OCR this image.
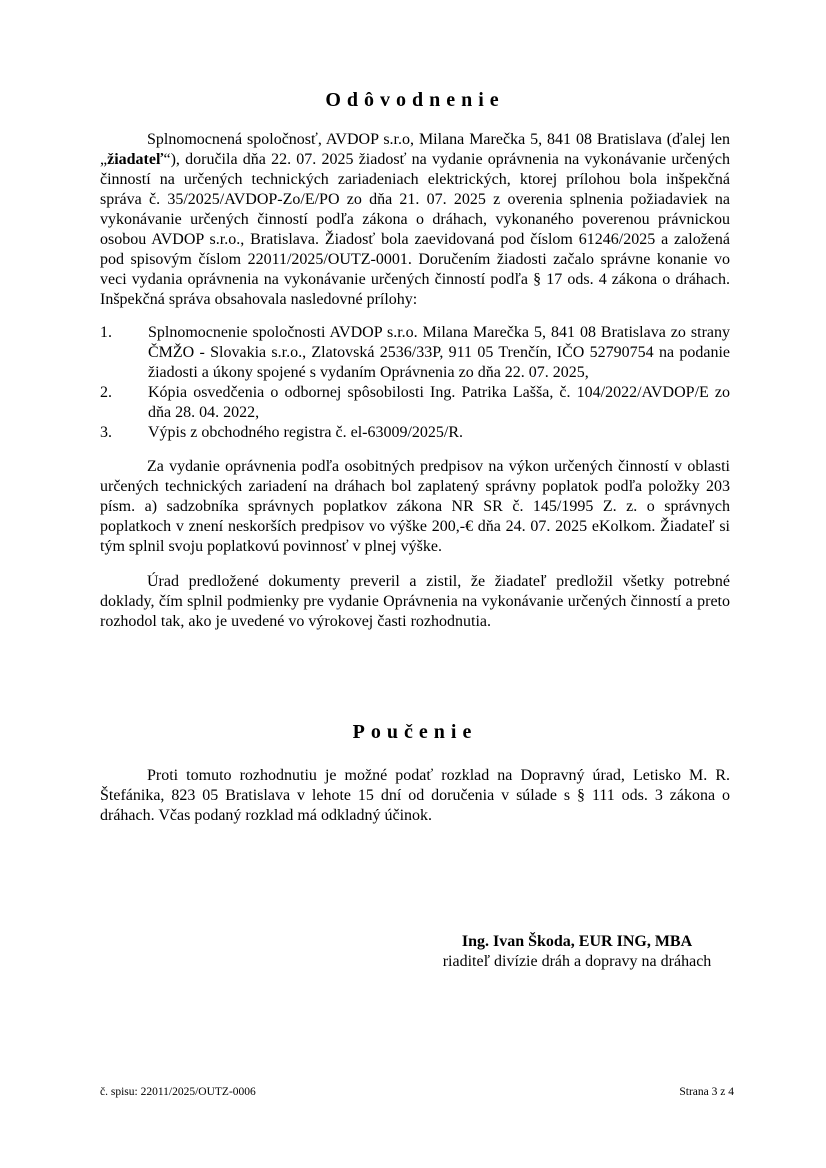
Odôvodnenie

Splnomocnená spoločnosť, AVDOP s.r.o, Milana Marečka 5, 841 08 Bratislava (ďalej len „žiadateľ“), doručila dňa 22. 07. 2025 žiadosť na vydanie oprávnenia na vykonávanie určených činností na určených technických zariadeniach elektrických, ktorej prílohou bola inšpekčná správa č. 35/2025/AVDOP-Zo/E/PO zo dňa 21. 07. 2025 z overenia splnenia požiadaviek na vykonávanie určených činností podľa zákona o dráhach, vykonaného poverenou právnickou osobou AVDOP s.r.o., Bratislava. Žiadosť bola zaevidovaná pod číslom 61246/2025 a založená pod spisovým číslom 22011/2025/OUTZ-0001. Doručením žiadosti začalo správne konanie vo veci vydania oprávnenia na vykonávanie určených činností podľa § 17 ods. 4 zákona o dráhach. Inšpekčná správa obsahovala nasledovné prílohy:

1.	Splnomocnenie spoločnosti AVDOP s.r.o. Milana Marečka 5, 841 08 Bratislava zo strany ČMŽO - Slovakia s.r.o., Zlatovská 2536/33P, 911 05 Trenčín, IČO 52790754 na podanie žiadosti a úkony spojené s vydaním Oprávnenia zo dňa 22. 07. 2025,
2.	Kópia osvedčenia o odbornej spôsobilosti Ing. Patrika Lašša, č. 104/2022/AVDOP/E zo dňa 28. 04. 2022,
3.	Výpis z obchodného registra č. el-63009/2025/R.

Za vydanie oprávnenia podľa osobitných predpisov na výkon určených činností v oblasti určených technických zariadení na dráhach bol zaplatený správny poplatok podľa položky 203 písm. a) sadzobníka správnych poplatkov zákona NR SR č. 145/1995 Z. z. o správnych poplatkoch v znení neskorších predpisov vo výške 200,-€ dňa 24. 07. 2025 eKolkom. Žiadateľ si tým splnil svoju poplatkovú povinnosť v plnej výške.

Úrad predložené dokumenty preveril a zistil, že žiadateľ predložil všetky potrebné doklady, čím splnil podmienky pre vydanie Oprávnenia na vykonávanie určených činností a preto rozhodol tak, ako je uvedené vo výrokovej časti rozhodnutia.

Poučenie

Proti tomuto rozhodnutiu je možné podať rozklad na Dopravný úrad, Letisko M. R. Štefánika, 823 05 Bratislava v lehote 15 dní od doručenia v súlade s § 111 ods. 3 zákona o dráhach. Včas podaný rozklad má odkladný účinok.

Ing. Ivan Škoda, EUR ING, MBA
riaditeľ divízie dráh a dopravy na dráhach
č. spisu: 22011/2025/OUTZ-0006	Strana 3 z 4
